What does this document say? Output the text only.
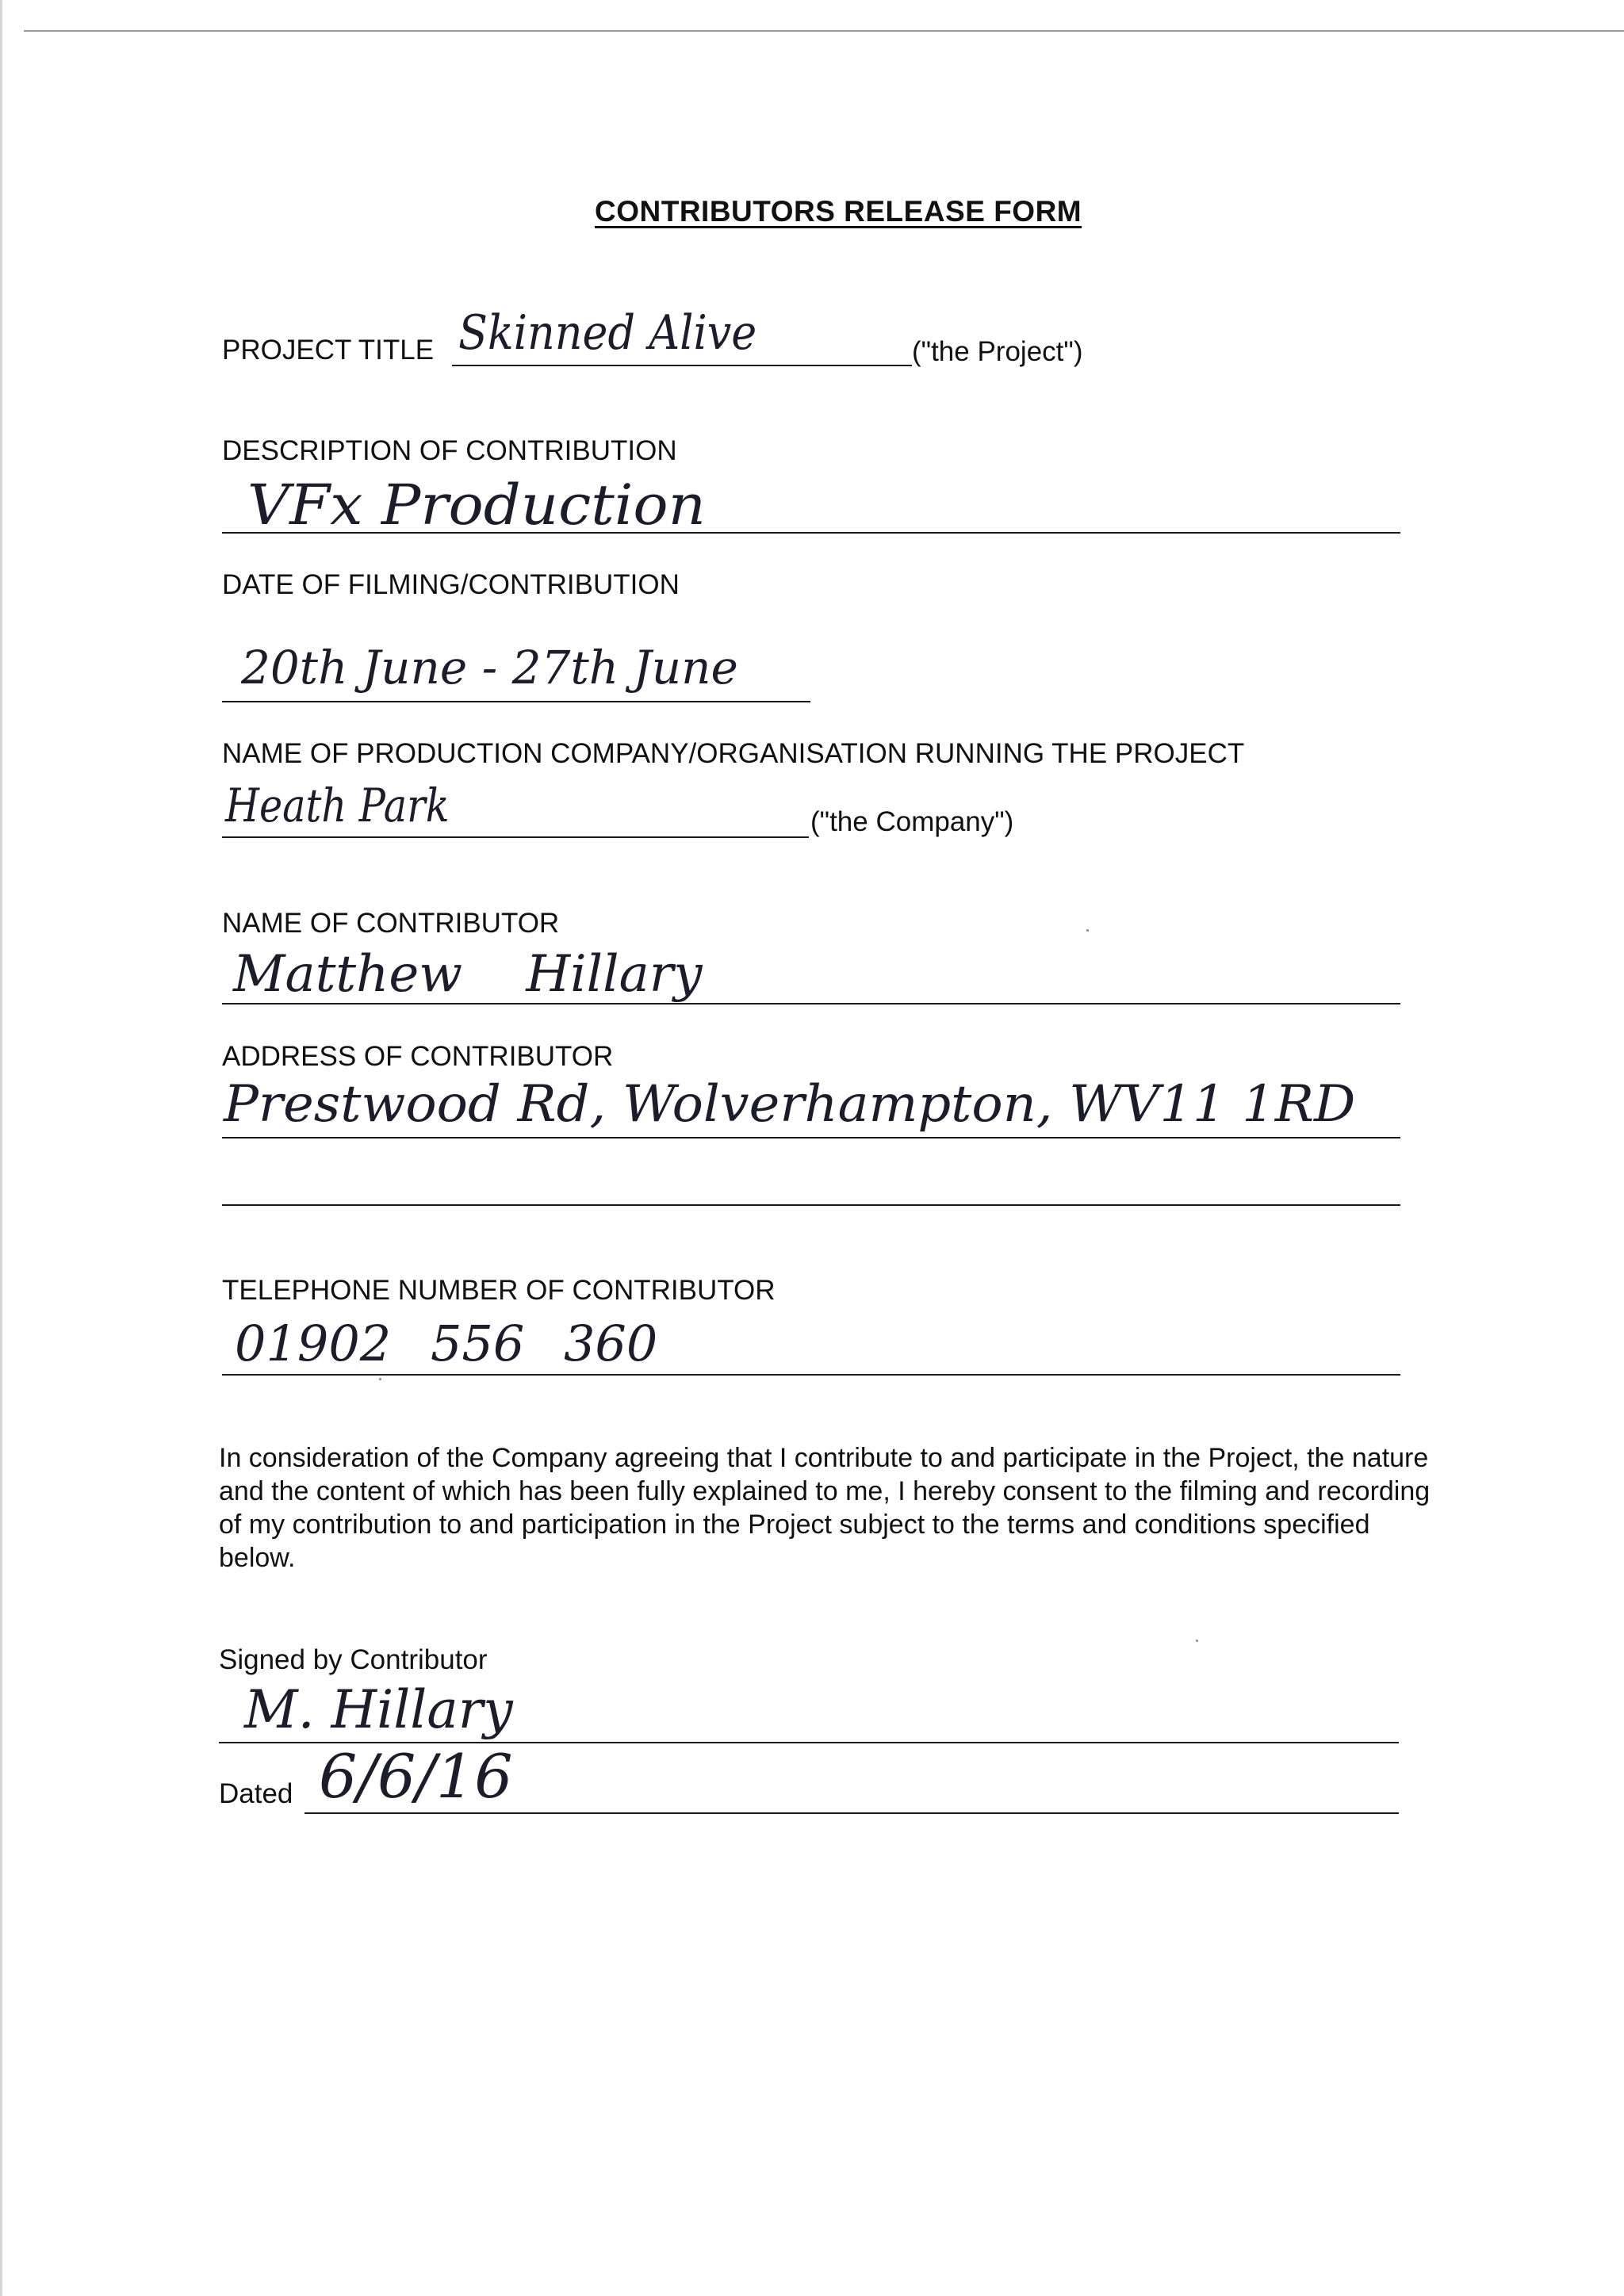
CONTRIBUTORS RELEASE FORM
PROJECT TITLE Skinned Alive	("the Project")
DESCRIPTION OF CONTRIBUTION
VFx Production
DATE OF FILMING/CONTRIBUTION
20th June - 27th June
NAME OF PRODUCTION COMPANY/ORGANISATION RUNNING THE PROJECT
Heath Park	("the Company")
NAME OF CONTRIBUTOR
Matthew Hillary
ADDRESS OF CONTRIBUTOR
Prestwood Rd, Wolverhampton, WV11 1RD
TELEPHONE NUMBER OF CONTRIBUTOR
01902 556 360
In consideration of the Company agreeing that I contribute to and participate in the Project, the nature and the content of which has been fully explained to me, I hereby consent to the filming and recording of my contribution to and participation in the Project subject to the terms and conditions specified below.
Signed by Contributor
M. Hillary
Dated 6/6/16
